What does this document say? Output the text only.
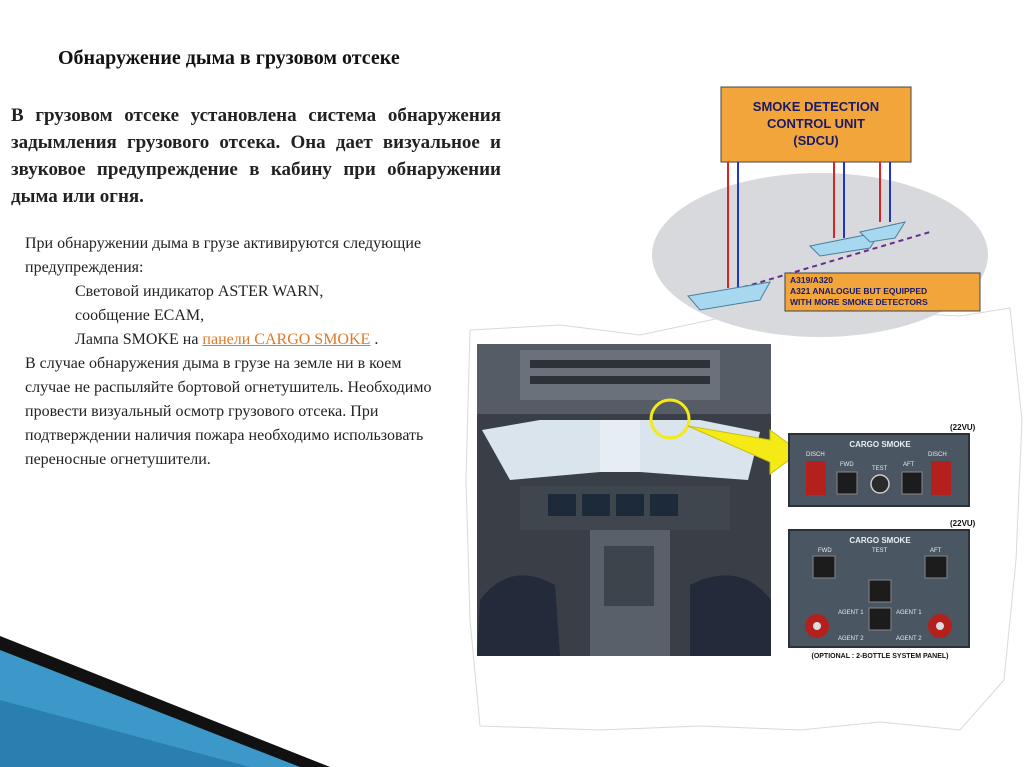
SMOKE DETECTION
CONTROL UNIT
(SDCU)
A319/A320
A321 ANALOGUE BUT EQUIPPED
WITH MORE SMOKE DETECTORS
(22VU)
CARGO SMOKE
DISCH
FWD
TEST
AFT
DISCH
(22VU)
CARGO SMOKE
FWD	TEST	AFT
AGENT 1
AGENT 2
AGENT 1
AGENT 2
(OPTIONAL : 2-BOTTLE SYSTEM PANEL)
Обнаружение дыма в грузовом отсеке
В грузовом отсеке установлена система обнаружения задымления грузового отсека. Она дает визуальное и звуковое предупреждение в кабину при обнаружении дыма или огня.
При обнаружении дыма в грузе активируются следующие предупреждения:
Световой индикатор ASTER WARN,
сообщение ECAM,
Лампа SMOKE на панели CARGO SMOKE .
В случае обнаружения дыма в грузе на земле ни в коем случае не распыляйте бортовой огнетушитель. Необходимо провести визуальный осмотр грузового отсека. При подтверждении наличия пожара необходимо использовать переносные огнетушители.
